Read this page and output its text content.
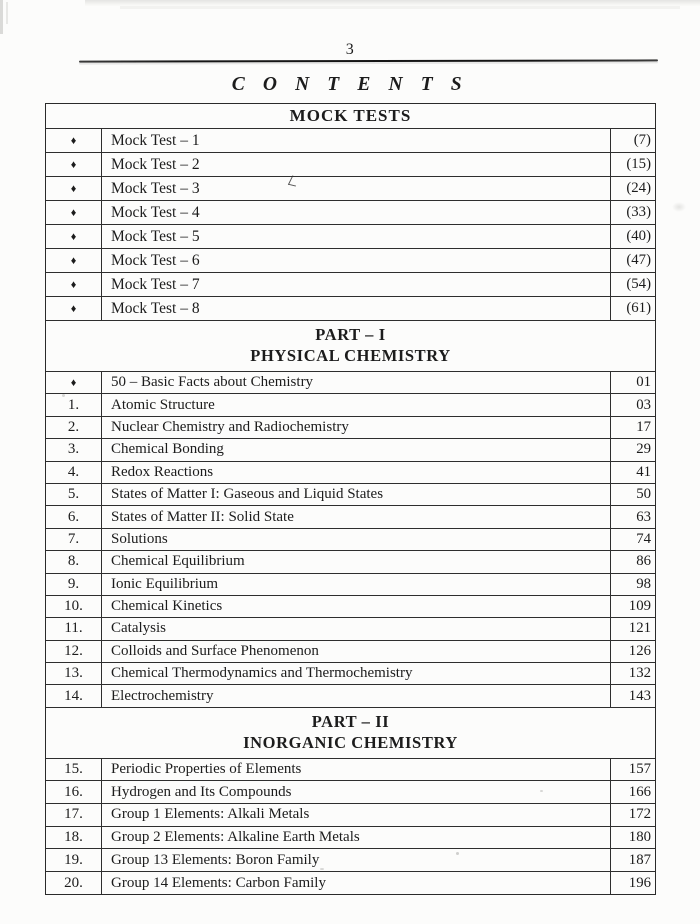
3
C O N T E N T S
MOCK TESTS
♦	Mock Test – 1	(7)
♦	Mock Test – 2	(15)
♦	Mock Test – 3	(24)
♦	Mock Test – 4	(33)
♦	Mock Test – 5	(40)
♦	Mock Test – 6	(47)
♦	Mock Test – 7	(54)
♦	Mock Test – 8	(61)
PART – I
PHYSICAL CHEMISTRY
♦	50 – Basic Facts about Chemistry	01
1.	Atomic Structure	03
2.	Nuclear Chemistry and Radiochemistry	17
3.	Chemical Bonding	29
4.	Redox Reactions	41
5.	States of Matter I: Gaseous and Liquid States	50
6.	States of Matter II: Solid State	63
7.	Solutions	74
8.	Chemical Equilibrium	86
9.	Ionic Equilibrium	98
10.	Chemical Kinetics	109
11.	Catalysis	121
12.	Colloids and Surface Phenomenon	126
13.	Chemical Thermodynamics and Thermochemistry	132
14.	Electrochemistry	143
PART – II
INORGANIC CHEMISTRY
15.	Periodic Properties of Elements	157
16.	Hydrogen and Its Compounds	166
17.	Group 1 Elements: Alkali Metals	172
18.	Group 2 Elements: Alkaline Earth Metals	180
19.	Group 13 Elements: Boron Family	187
20.	Group 14 Elements: Carbon Family	196
